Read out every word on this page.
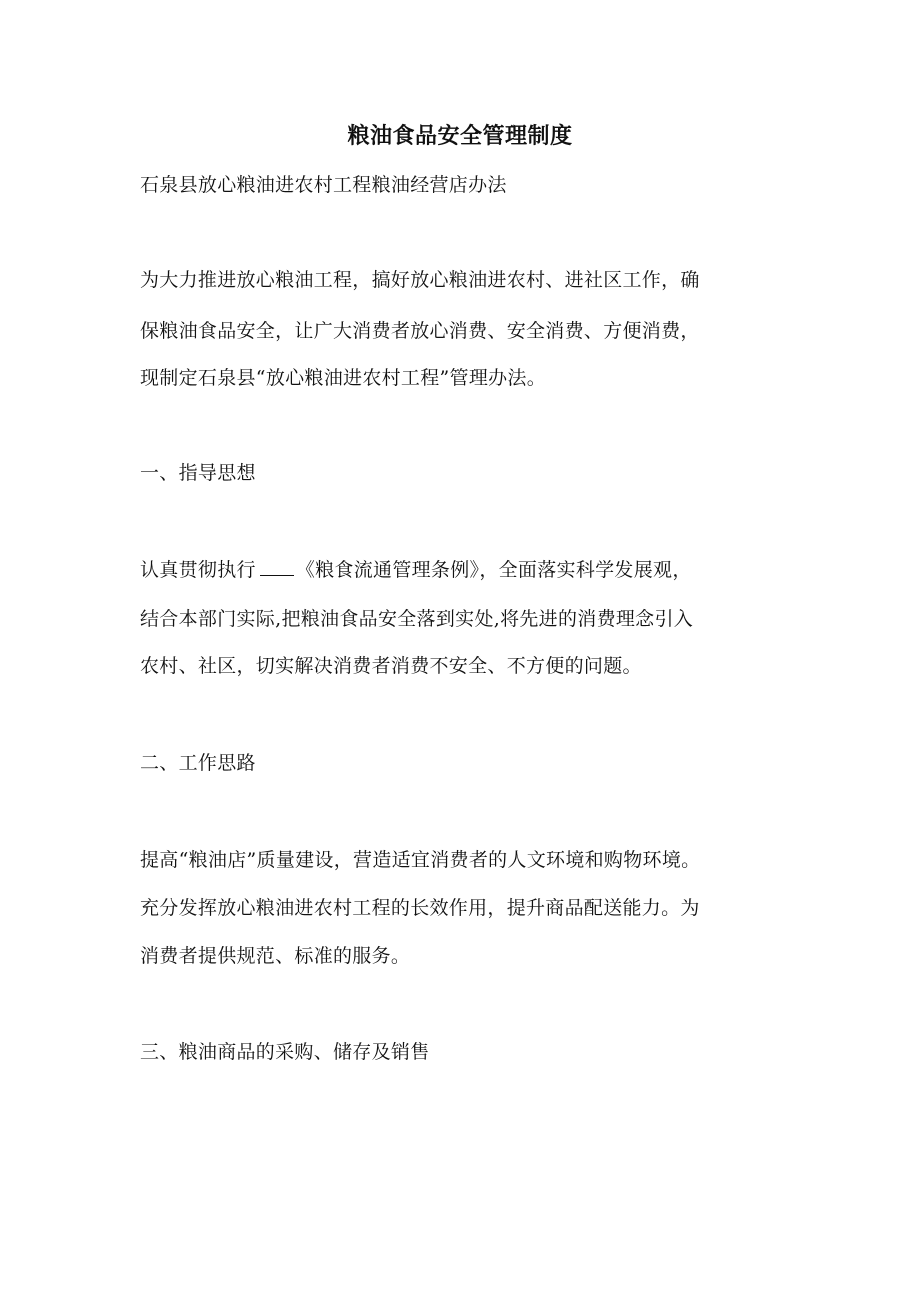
粮油食品安全管理制度
石泉县放心粮油进农村工程粮油经营店办法
为大力推进放心粮油工程，搞好放心粮油进农村、进社区工作，确
保粮油食品安全，让广大消费者放心消费、安全消费、方便消费，
现制定石泉县“放心粮油进农村工程”管理办法。
一、指导思想
认真贯彻执行 《粮食流通管理条例》，全面落实科学发展观，
结合本部门实际,把粮油食品安全落到实处,将先进的消费理念引入
农村、社区，切实解决消费者消费不安全、不方便的问题。
二、工作思路
提高“粮油店”质量建设，营造适宜消费者的人文环境和购物环境。
充分发挥放心粮油进农村工程的长效作用，提升商品配送能力。为
消费者提供规范、标准的服务。
三、粮油商品的采购、储存及销售
